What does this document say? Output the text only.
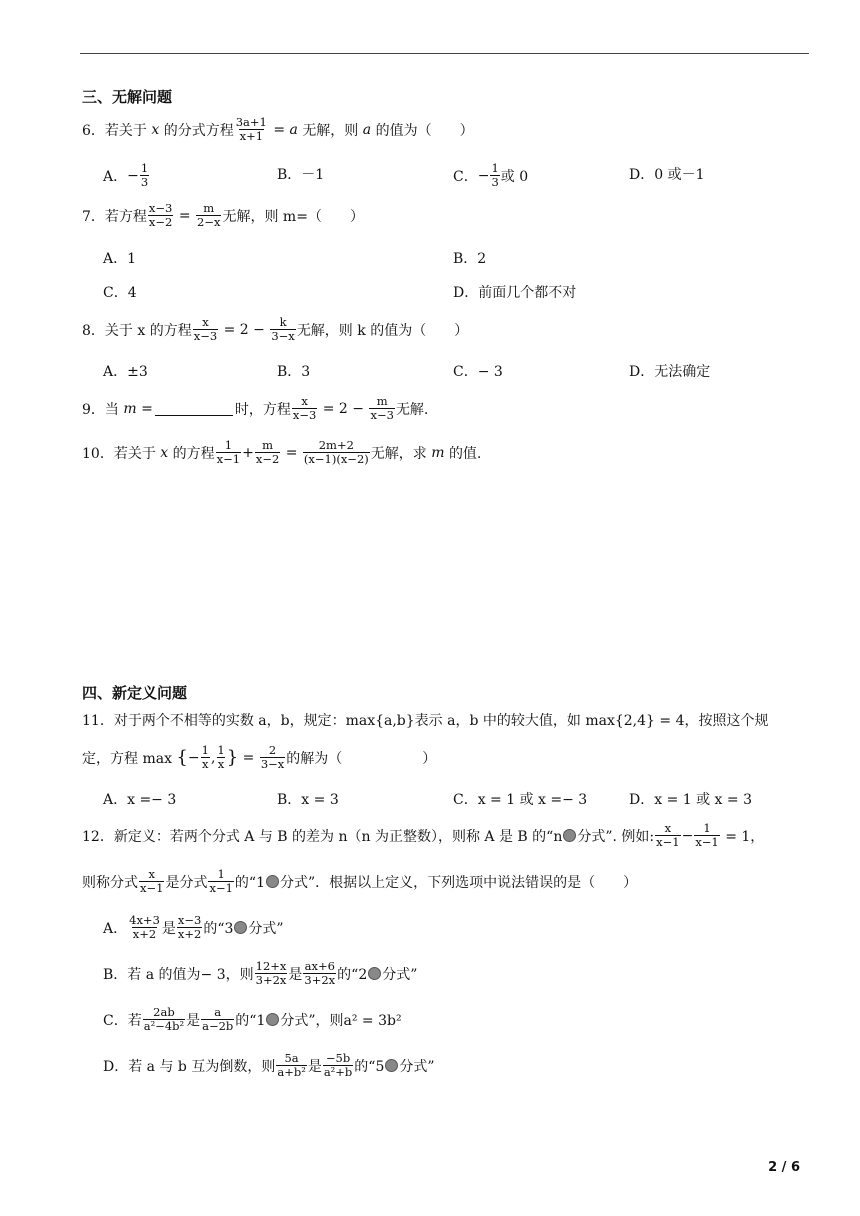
三、无解问题
6． 若关于
x
的分式方程 $\frac{3a+1}{x+1}$
= a
无解，则
a
的值为（ ）
A． − $\frac{1}{3}$	B．－1	C． − $\frac{1}{3}$ 或 0	D．0 或－1
7． 若方程 $\frac{x-3}{x-2}$
=
$\frac{m}{2-x}$ 无解，则 m=（ ）
A．1	B．2
C．4	D．前面几个都不对
8． 关于 x 的方程 $\frac{x}{x-3}$
= 2 −
$\frac{k}{3-x}$ 无解，则 k 的值为（ ）
A．±3	B．3	C．− 3	D．无法确定
9． 当
m =	时，方程 $\frac{x}{x-3}$
= 2 −
$\frac{m}{x-3}$ 无解.
10． 若关于
x
的方程 $\frac{1}{x-1} + \frac{m}{x-2}$
=
$\frac{2m+2}{(x-1)(x-2)}$ 无解，求
m
的值.
四、新定义问题
11． 对于两个不相等的实数 a，b，规定：max{a,b}表示 a，b 中的较大值，如 max{2,4} = 4，按照这个规
定，方程 max
{ − $\frac{1}{x}$ , $\frac{1}{x}$ }
=
$\frac{2}{3-x}$ 的解为（	）
A．x =− 3	B．x = 3	C．x = 1 或 x =− 3	D．x = 1 或 x = 3
12． 新定义：若两个分式 A 与 B 的差为 n（n 为正整数），则称 A 是 B 的“n 分式”. 例如: $\frac{x}{x-1} - \frac{1}{x-1}$
= 1，
则称分式 $\frac{x}{x-1}$ 是分式 $\frac{1}{x-1}$ 的“1 分式”．根据以上定义，下列选项中说法错误的是（ ）
A． $\frac{4x+3}{x+2}$ 是 $\frac{x-3}{x+2}$ 的“3 分式”
B．若 a 的值为− 3，则 $\frac{12+x}{3+2x}$ 是 $\frac{ax+6}{3+2x}$ 的“2 分式”
C．若 $\frac{2ab}{\text{a²−4b²}}$ 是 $\frac{a}{a-2b}$ 的“1 分式”，则a² = 3b²
D．若 a 与 b 互为倒数，则 $\frac{5a}{\text{a+b²}}$ 是 $\frac{-5b}{\text{a²+b}}$ 的“5 分式”
2 / 6
